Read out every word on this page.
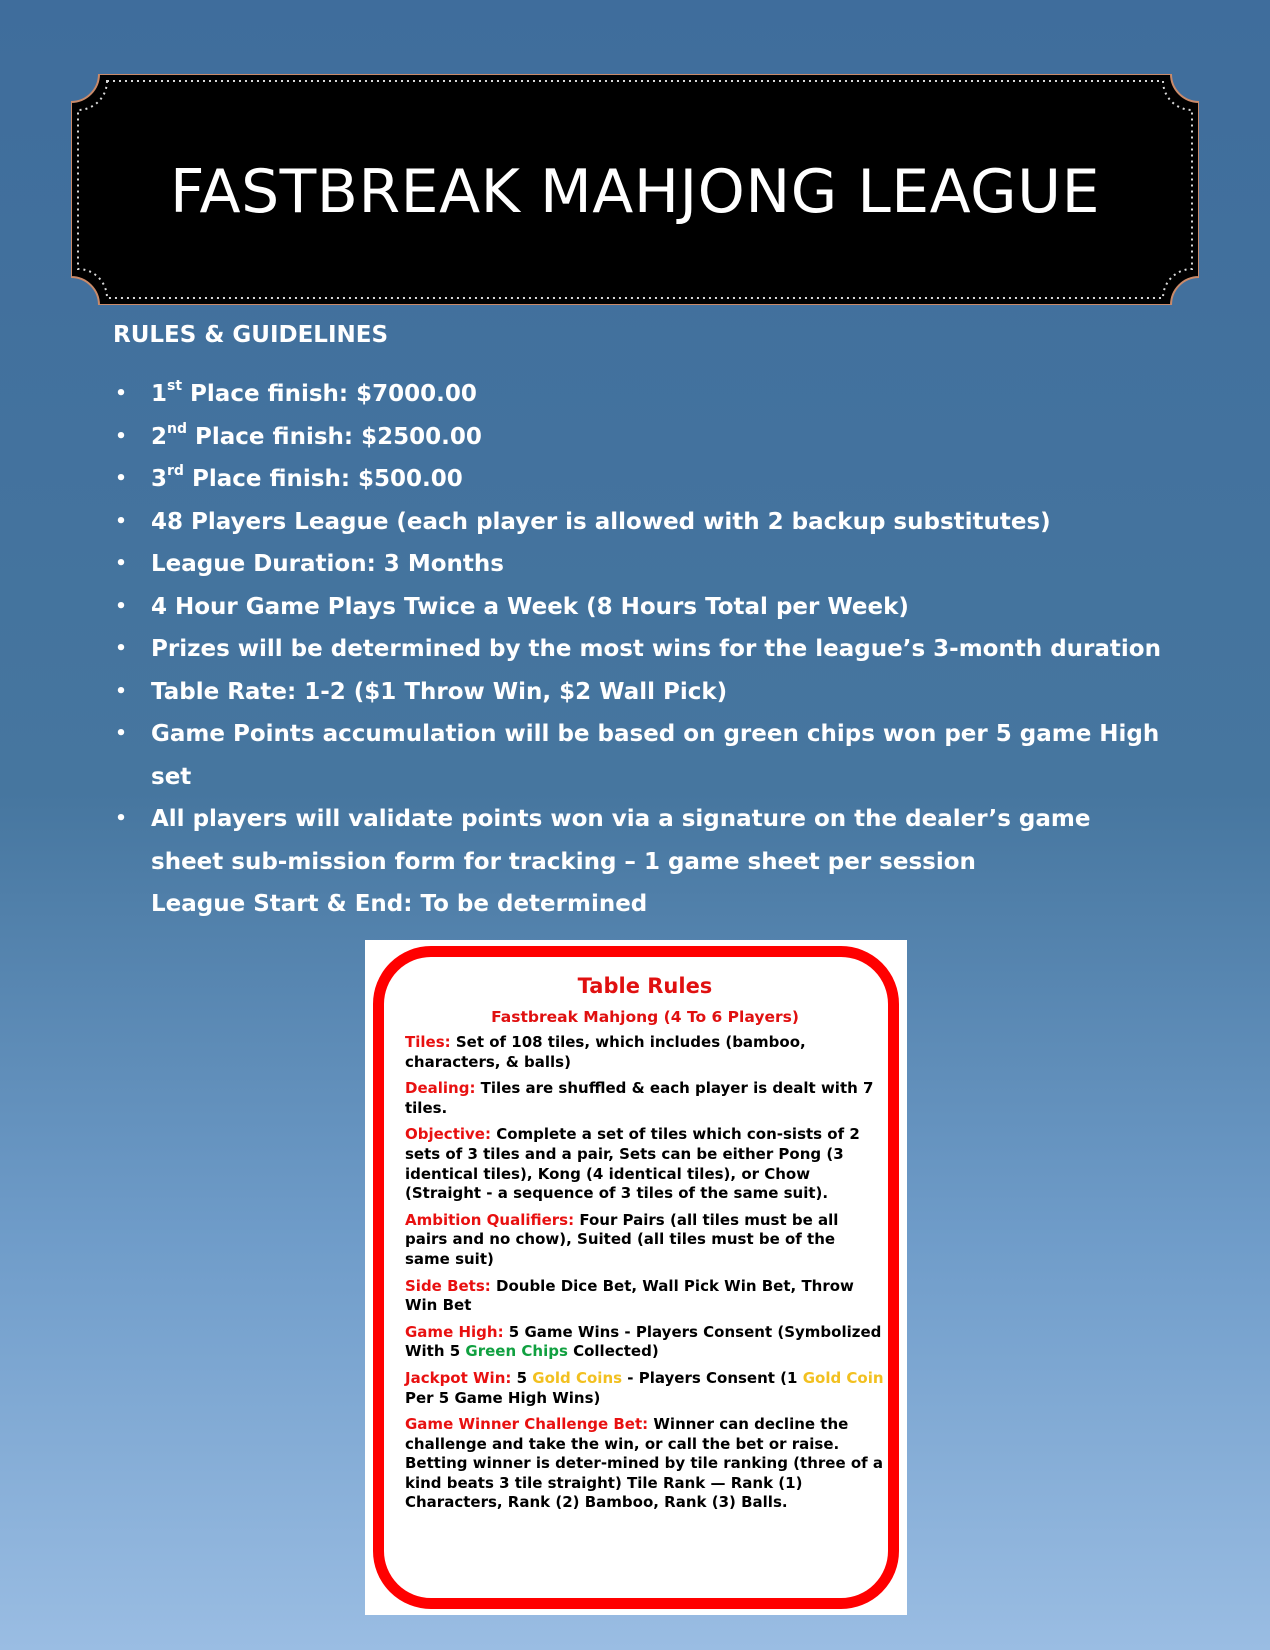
FASTBREAK MAHJONG LEAGUE
RULES & GUIDELINES
• 1st Place finish: $7000.00
• 2nd Place finish: $2500.00
• 3rd Place finish: $500.00
• 48 Players League (each player is allowed with 2 backup substitutes)
• League Duration: 3 Months
• 4 Hour Game Plays Twice a Week (8 Hours Total per Week)
• Prizes will be determined by the most wins for the league’s 3-month duration
• Table Rate: 1-2 ($1 Throw Win, $2 Wall Pick)
• Game Points accumulation will be based on green chips won per 5 game High set
• All players will validate points won via a signature on the dealer’s game sheet sub-mission form for tracking – 1 game sheet per session
League Start & End: To be determined
Table Rules

Fastbreak Mahjong (4 To 6 Players)

Tiles: Set of 108 tiles, which includes (bamboo, characters, & balls)

Dealing: Tiles are shuffled & each player is dealt with 7 tiles.

Objective: Complete a set of tiles which con-sists of 2 sets of 3 tiles and a pair, Sets can be either Pong (3 identical tiles), Kong (4 identical tiles), or Chow (Straight - a sequence of 3 tiles of the same suit).

Ambition Qualifiers: Four Pairs (all tiles must be all pairs and no chow), Suited (all tiles must be of the same suit)

Side Bets: Double Dice Bet, Wall Pick Win Bet, Throw Win Bet

Game High: 5 Game Wins - Players Consent (Symbolized With 5 Green Chips Collected)

Jackpot Win: 5 Gold Coins - Players Consent (1 Gold Coin Per 5 Game High Wins)

Game Winner Challenge Bet: Winner can decline the challenge and take the win, or call the bet or raise. Betting winner is deter-mined by tile ranking (three of a kind beats 3 tile straight) Tile Rank — Rank (1) Characters, Rank (2) Bamboo, Rank (3) Balls.
